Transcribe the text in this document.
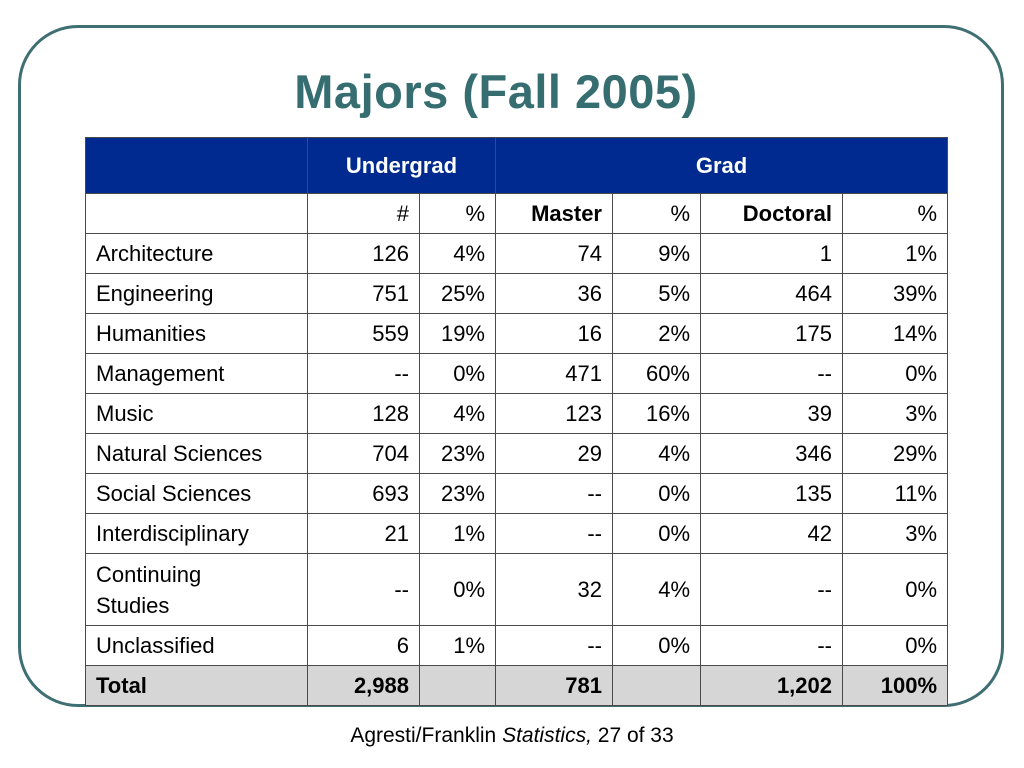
Majors (Fall 2005)
	Undergrad		Grad			
	#	%	Master	%	Doctoral	%
Architecture	126	4%	74	9%	1	1%
Engineering	751	25%	36	5%	464	39%
Humanities	559	19%	16	2%	175	14%
Management	--	0%	471	60%	--	0%
Music	128	4%	123	16%	39	3%
Natural Sciences	704	23%	29	4%	346	29%
Social Sciences	693	23%	--	0%	135	11%
Interdisciplinary	21	1%	--	0%	42	3%
Continuing Studies	--	0%	32	4%	--	0%
Unclassified	6	1%	--	0%	--	0%
Total	2,988		781		1,202	100%
Agresti/Franklin Statistics, 27 of 33
